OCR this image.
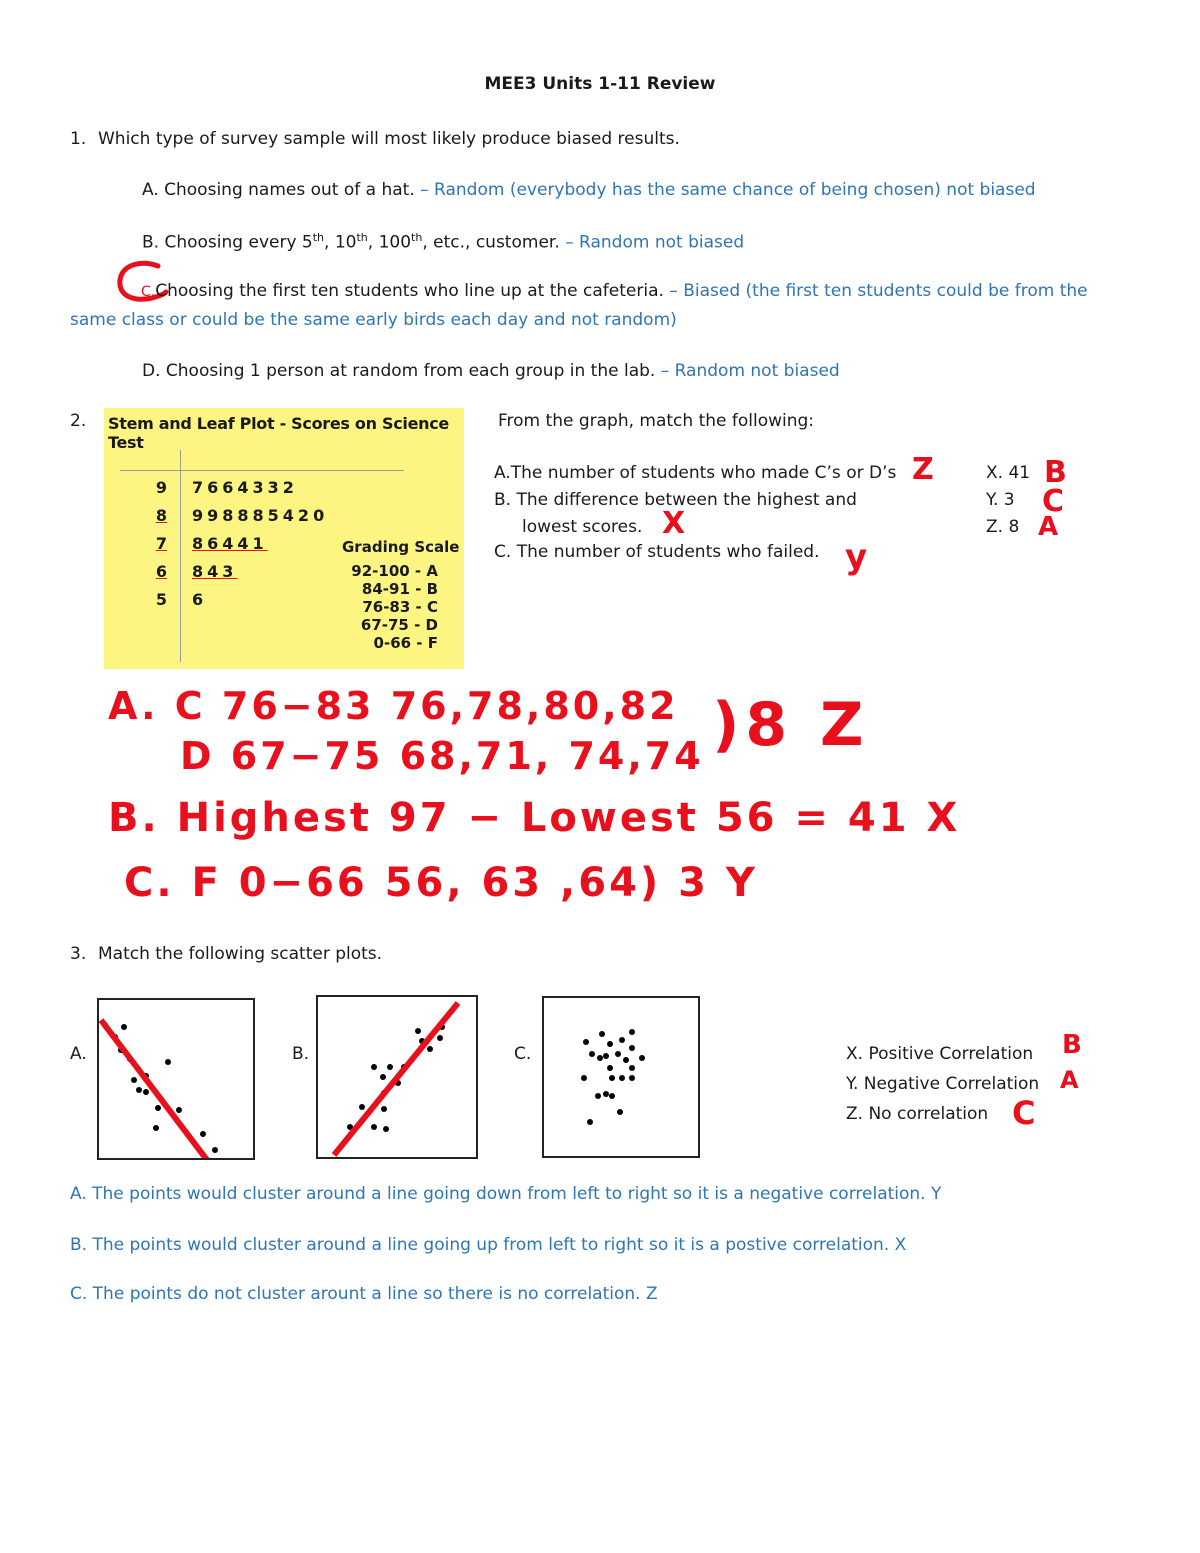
MEE3 Units 1-11 Review
1. Which type of survey sample will most likely produce biased results.
A. Choosing names out of a hat. – Random (everybody has the same chance of being chosen) not biased
B. Choosing every 5th, 10th, 100th, etc., customer. – Random not biased
C.Choosing the first ten students who line up at the cafeteria. – Biased (the first ten students could be from the
same class or could be the same early birds each day and not random)
D. Choosing 1 person at random from each group in the lab. – Random not biased
2. Stem and Leaf Plot - Scores on Science Test
9 7664332
8 998885420
7 86441
6 843
5 6
Grading Scale
92-100 - A
84-91 - B
76-83 - C
67-75 - D
0-66 - F
From the graph, match the following:
A.The number of students who made C’s or D’s Z
B. The difference between the highest and
lowest scores. X
C. The number of students who failed. y
X. 41 B
Y. 3 C
Z. 8 A
A. C 76−83 76,78,80,82
D 67−75 68,71, 74,74 )8 Z
B. Highest 97 − Lowest 56 = 41 X
C. F 0−66 56, 63 ,64) 3 Y
3. Match the following scatter plots.
A.	B.	C.	X. Positive Correlation B
Y. Negative Correlation A
Z. No correlation C
A. The points would cluster around a line going down from left to right so it is a negative correlation. Y
B. The points would cluster around a line going up from left to right so it is a postive correlation. X
C. The points do not cluster arount a line so there is no correlation. Z
